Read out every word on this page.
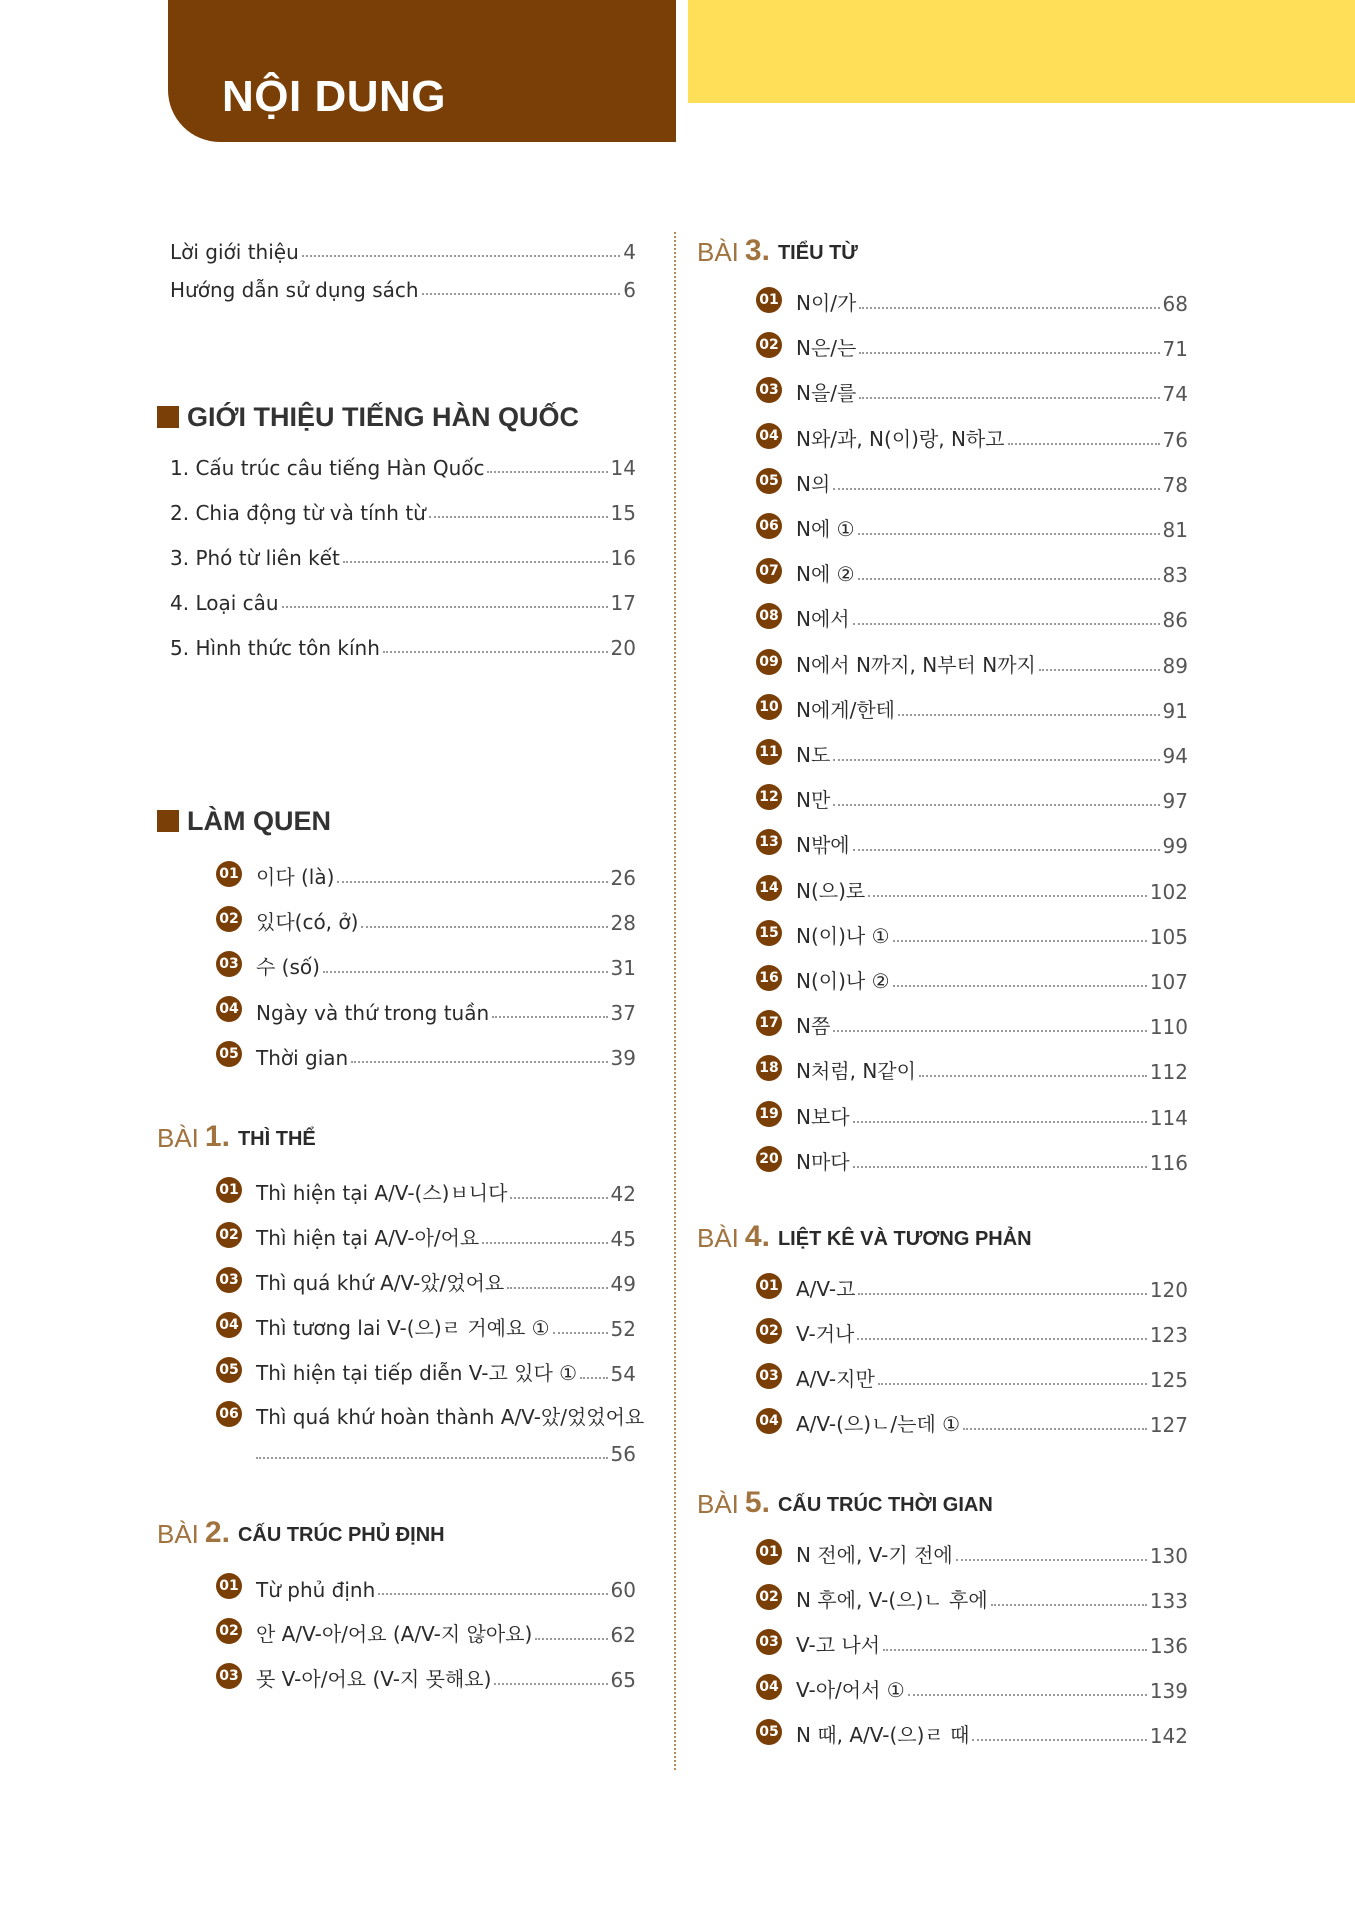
NỘI DUNG
Lời giới thiệu	4
Hướng dẫn sử dụng sách	6
GIỚI THIỆU TIẾNG HÀN QUỐC
1. Cấu trúc câu tiếng Hàn Quốc	14
2. Chia động từ và tính từ	15
3. Phó từ liên kết	16
4. Loại câu	17
5. Hình thức tôn kính	20
LÀM QUEN
01 이다 (là)	26
02 있다(có, ở)	28
03 수 (số)	31
04 Ngày và thứ trong tuần	37
05 Thời gian	39
BÀI 1. THÌ THỂ
01 Thì hiện tại A/V-(스)ㅂ니다	42
02 Thì hiện tại A/V-아/어요	45
03 Thì quá khứ A/V-았/었어요	49
04 Thì tương lai V-(으)ㄹ 거예요 ①	52
05 Thì hiện tại tiếp diễn V-고 있다 ① 54
06 Thì quá khứ hoàn thành A/V-았/었었어요
56
BÀI 2. CẤU TRÚC PHỦ ĐỊNH
01 Từ phủ định	60
02 안 A/V-아/어요 (A/V-지 않아요)	62
03 못 V-아/어요 (V-지 못해요)	65
BÀI 3. TIỂU TỪ
01 N이/가	68
02 N은/는	71
03 N을/를	74
04 N와/과, N(이)랑, N하고	76
05 N의	78
06 N에 ①	81
07 N에 ②	83
08 N에서	86
09 N에서 N까지, N부터 N까지	89
10 N에게/한테	91
11 N도	94
12 N만	97
13 N밖에	99
14 N(으)로	102
15 N(이)나 ①	105
16 N(이)나 ②	107
17 N쯤	110
18 N처럼, N같이	112
19 N보다	114
20 N마다	116
BÀI 4. LIỆT KÊ VÀ TƯƠNG PHẢN
01 A/V-고	120
02 V-거나	123
03 A/V-지만	125
04 A/V-(으)ㄴ/는데 ①	127
BÀI 5. CẤU TRÚC THỜI GIAN
01 N 전에, V-기 전에	130
02 N 후에, V-(으)ㄴ 후에	133
03 V-고 나서	136
04 V-아/어서 ①	139
05 N 때, A/V-(으)ㄹ 때	142
